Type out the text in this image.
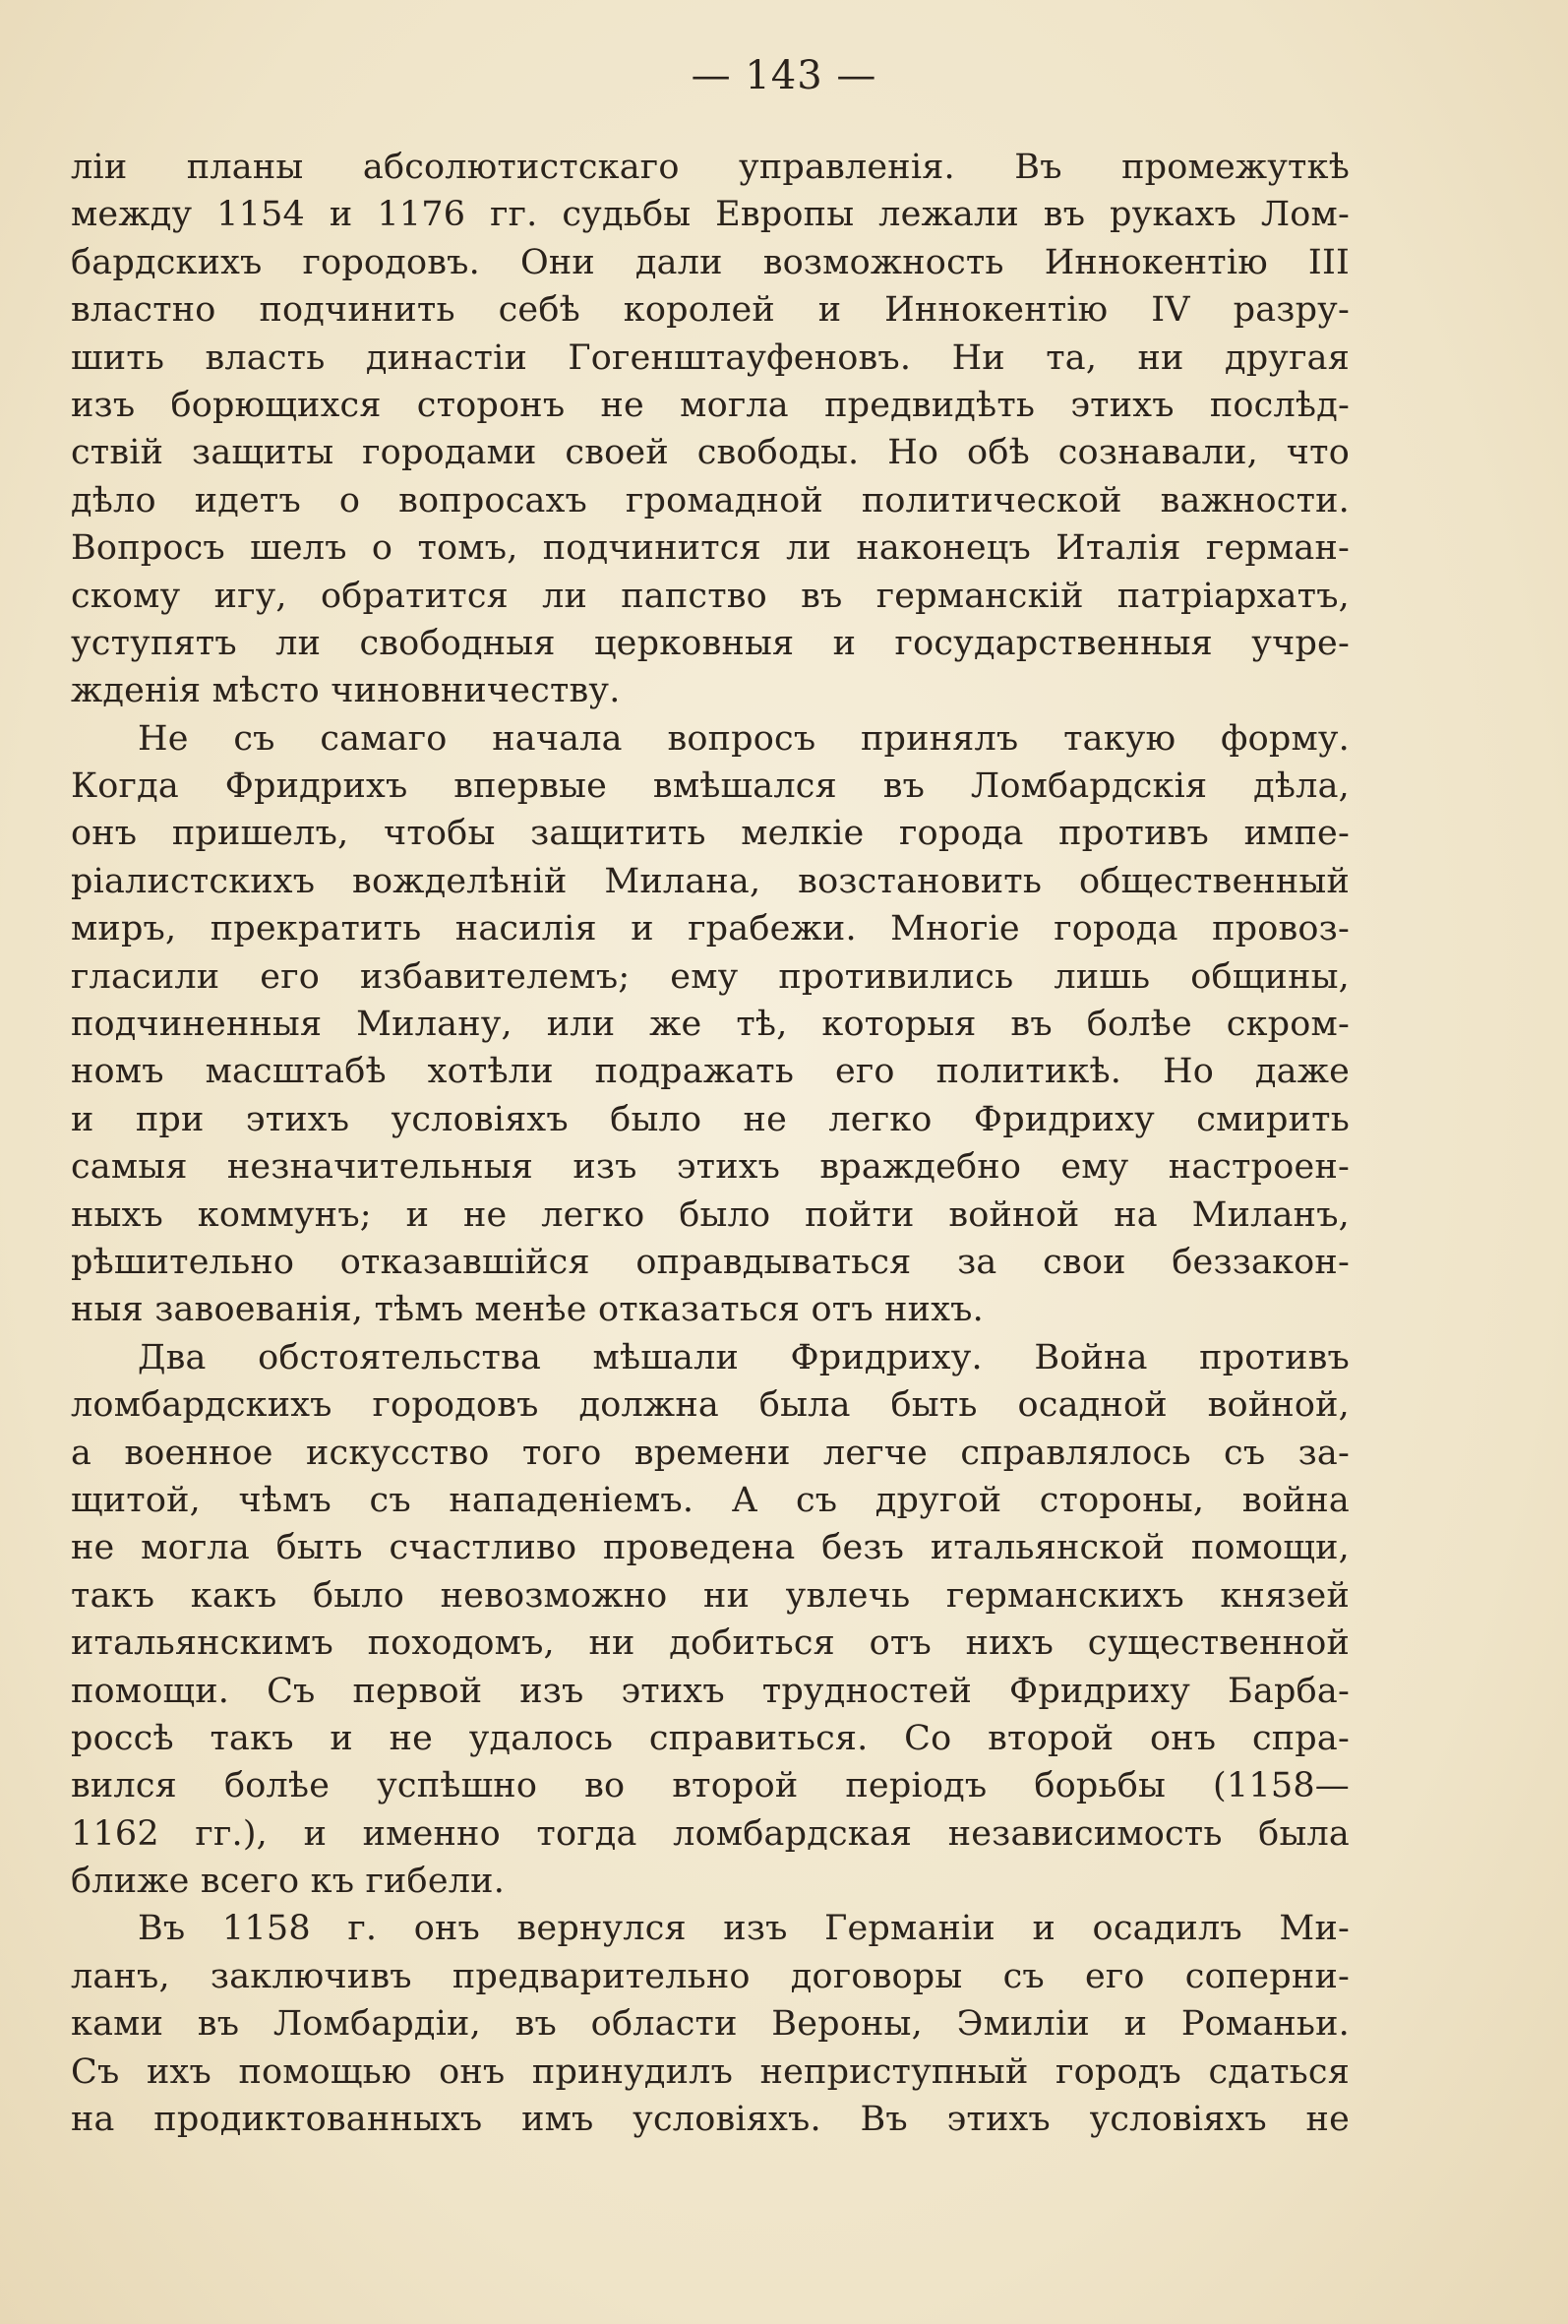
— 143 —
ліи планы абсолютистскаго управленія. Въ промежуткѣ
между 1154 и 1176 гг. судьбы Европы лежали въ рукахъ Лом-
бардскихъ городовъ. Они дали возможность Иннокентію III
властно подчинить себѣ королей и Иннокентію IV разру-
шить власть династіи Гогенштауфеновъ. Ни та, ни другая
изъ борющихся сторонъ не могла предвидѣть этихъ послѣд-
ствій защиты городами своей свободы. Но обѣ сознавали, что
дѣло идетъ о вопросахъ громадной политической важности.
Вопросъ шелъ о томъ, подчинится ли наконецъ Италія герман-
скому игу, обратится ли папство въ германскій патріархатъ,
уступятъ ли свободныя церковныя и государственныя учре-
жденія мѣсто чиновничеству.
Не съ самаго начала вопросъ принялъ такую форму.
Когда Фридрихъ впервые вмѣшался въ Ломбардскія дѣла,
онъ пришелъ, чтобы защитить мелкіе города противъ импе-
ріалистскихъ вожделѣній Милана, возстановить общественный
миръ, прекратить насилія и грабежи. Многіе города провоз-
гласили его избавителемъ; ему противились лишь общины,
подчиненныя Милану, или же тѣ, которыя въ болѣе скром-
номъ масштабѣ хотѣли подражать его политикѣ. Но даже
и при этихъ условіяхъ было не легко Фридриху смирить
самыя незначительныя изъ этихъ враждебно ему настроен-
ныхъ коммунъ; и не легко было пойти войной на Миланъ,
рѣшительно отказавшійся оправдываться за свои беззакон-
ныя завоеванія, тѣмъ менѣе отказаться отъ нихъ.
Два обстоятельства мѣшали Фридриху. Война противъ
ломбардскихъ городовъ должна была быть осадной войной,
а военное искусство того времени легче справлялось съ за-
щитой, чѣмъ съ нападеніемъ. А съ другой стороны, война
не могла быть счастливо проведена безъ итальянской помощи,
такъ какъ было невозможно ни увлечь германскихъ князей
итальянскимъ походомъ, ни добиться отъ нихъ существенной
помощи. Съ первой изъ этихъ трудностей Фридриху Барба-
россѣ такъ и не удалось справиться. Со второй онъ спра-
вился болѣе успѣшно во второй періодъ борьбы (1158—
1162 гг.), и именно тогда ломбардская независимость была
ближе всего къ гибели.
Въ 1158 г. онъ вернулся изъ Германіи и осадилъ Ми-
ланъ, заключивъ предварительно договоры съ его соперни-
ками въ Ломбардіи, въ области Вероны, Эмиліи и Романьи.
Съ ихъ помощью онъ принудилъ неприступный городъ сдаться
на продиктованныхъ имъ условіяхъ. Въ этихъ условіяхъ не
